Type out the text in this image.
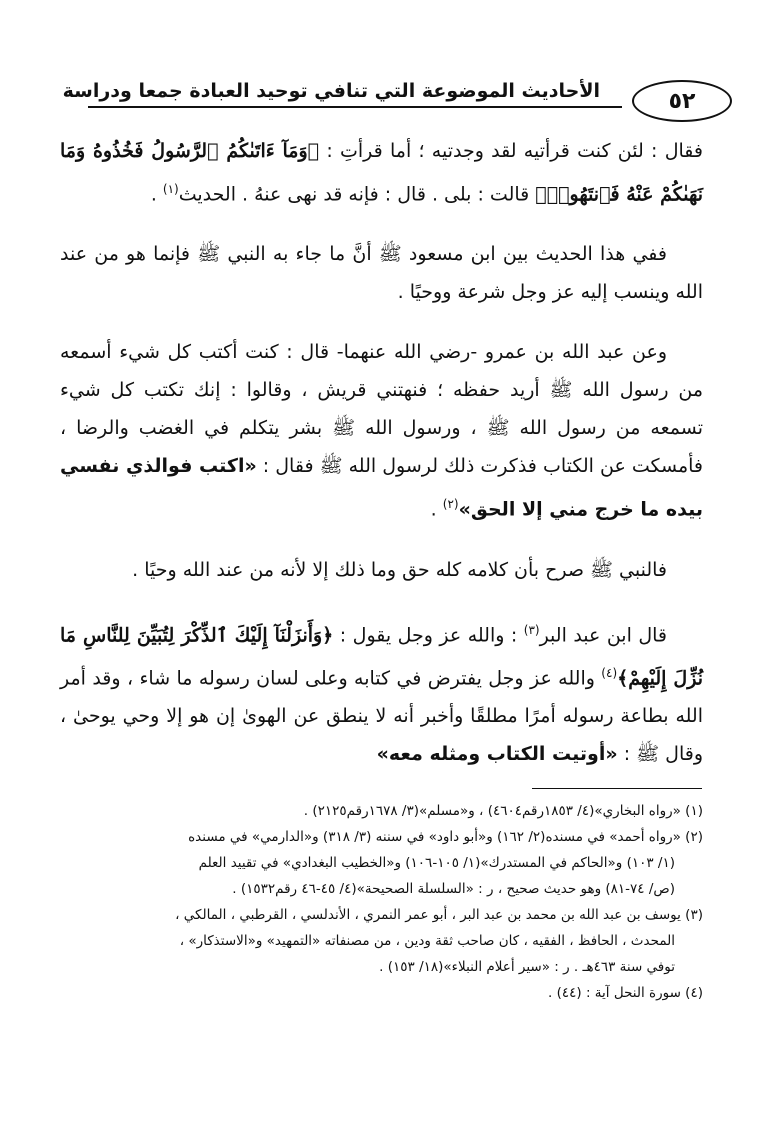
الأحاديث الموضوعة التي تنافي توحيد العبادة جمعا ودراسة	٥٢

فقال : لئن كنت قرأتيه لقد وجدتيه ؛ أما قرأتِ : ﴿وَمَآ ءَاتَىٰكُمُ ٱلرَّسُولُ فَخُذُوهُ وَمَا نَهَىٰكُمْ عَنْهُ فَٱنتَهُوا۟﴾ قالت : بلى . قال : فإنه قد نهى عنهُ . الحديث$^{(١)}$ .

ففي هذا الحديث بين ابن مسعود ﷺ أنَّ ما جاء به النبي ﷺ فإنما هو من عند الله وينسب إليه عز وجل شرعة ووحيًا .

وعن عبد الله بن عمرو -رضي الله عنهما- قال : كنت أكتب كل شيء أسمعه من رسول الله ﷺ أريد حفظه ؛ فنهتني قريش ، وقالوا : إنك تكتب كل شيء تسمعه من رسول الله ﷺ ، ورسول الله ﷺ بشر يتكلم في الغضب والرضا ، فأمسكت عن الكتاب فذكرت ذلك لرسول الله ﷺ فقال : «اكتب فوالذي نفسي بيده ما خرج مني إلا الحق»$^{(٢)}$ .

فالنبي ﷺ صرح بأن كلامه كله حق وما ذلك إلا لأنه من عند الله وحيًا .

قال ابن عبد البر$^{(٣)}$ : والله عز وجل يقول : ﴿وَأَنزَلْنَآ إِلَيْكَ ٱلذِّكْرَ لِتُبَيِّنَ لِلنَّاسِ مَا نُزِّلَ إِلَيْهِمْ﴾$^{(٤)}$ والله عز وجل يفترض في كتابه وعلى لسان رسوله ما شاء ، وقد أمر الله بطاعة رسوله أمرًا مطلقًا وأخبر أنه لا ينطق عن الهوىٰ إن هو إلا وحي يوحىٰ ، وقال ﷺ : «أوتيت الكتاب ومثله معه»

(١) «رواه البخاري»(٤/ ١٨٥٣رقم٤٦٠٤) ، و«مسلم»(٣/ ١٦٧٨رقم٢١٢٥) .

(٢) «رواه أحمد» في مسنده(٢/ ١٦٢) و«أبو داود» في سننه (٣/ ٣١٨) و«الدارمي» في مسنده

(١/ ١٠٣) و«الحاكم في المستدرك»(١/ ١٠٥-١٠٦) و«الخطيب البغدادي» في تقييد العلم

(ص/ ٧٤-٨١) وهو حديث صحيح ، ر : «السلسلة الصحيحة»(٤/ ٤٥-٤٦ رقم١٥٣٢) .

(٣) يوسف بن عبد الله بن محمد بن عبد البر ، أبو عمر النمري ، الأندلسي ، القرطبي ، المالكي ،

المحدث ، الحافظ ، الفقيه ، كان صاحب ثقة ودين ، من مصنفاته «التمهيد» و«الاستذكار» ،

توفي سنة ٤٦٣هـ . ر : «سير أعلام النبلاء»(١٨/ ١٥٣) .

(٤) سورة النحل آية : (٤٤) .
